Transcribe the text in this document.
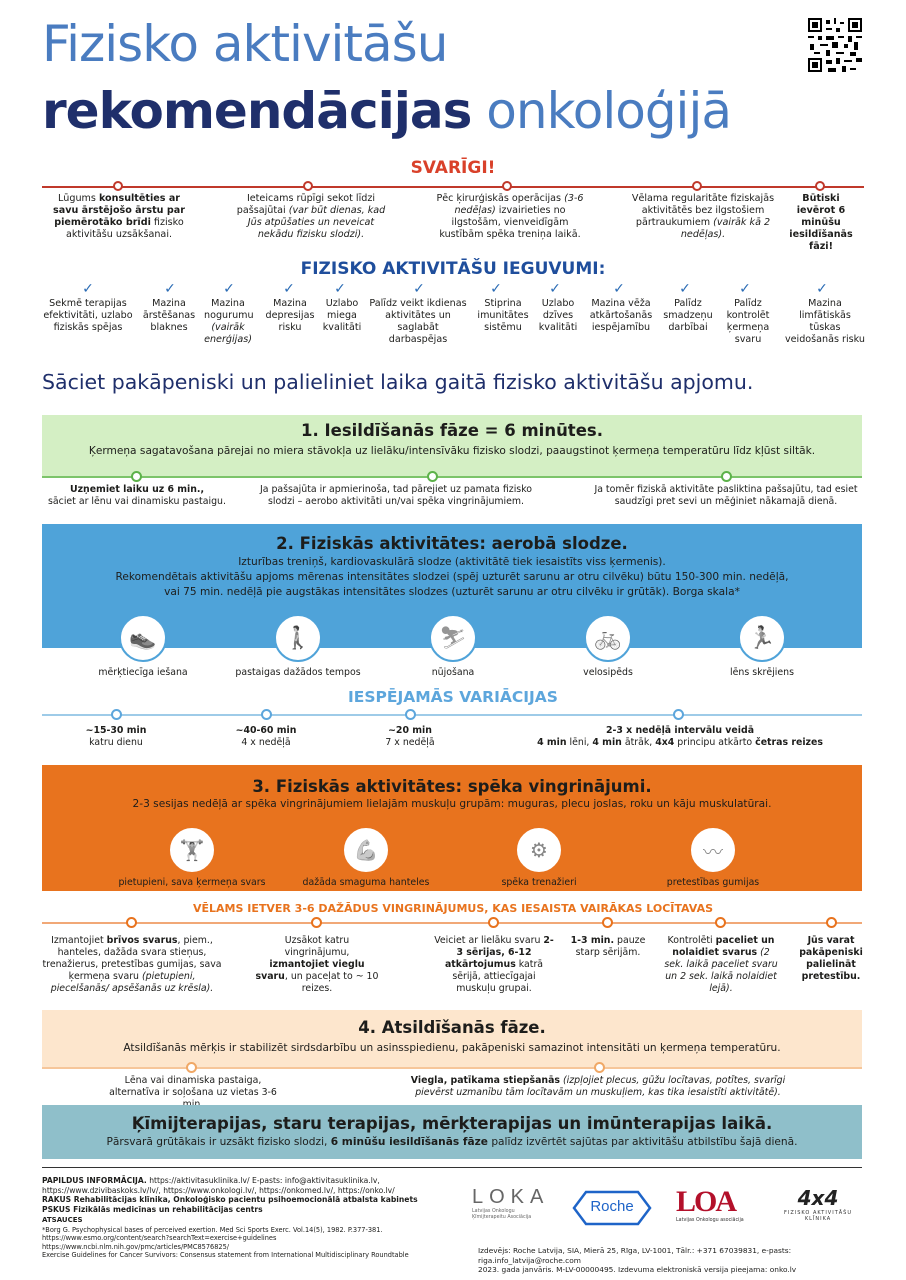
Fizisko aktivitāšu
rekomendācijas onkoloģijā
SVARĪGI!
Lūgums konsultēties ar savu ārstējošo ārstu par piemērotāko brīdi fizisko aktivitāšu uzsākšanai.
Ieteicams rūpīgi sekot līdzi pašsajūtai (var būt dienas, kad Jūs atpūšaties un neveicat nekādu fizisku slodzi).
Pēc ķirurģiskās operācijas (3-6 nedēļas) izvairieties no ilgstošām, vienveidīgām kustībām spēka treniņa laikā.
Vēlama regularitāte fiziskajās aktivitātēs bez ilgstošiem pārtraukumiem (vairāk kā 2 nedēļas).
Būtiski ievērot 6 minūšu iesildīšanās fāzi!
FIZISKO AKTIVITĀŠU IEGUVUMI:
✓
Sekmē terapijas efektivitāti, uzlabo fiziskās spējas
✓
Mazina ārstēšanas blaknes
✓
Mazina nogurumu
(vairāk enerģijas)
✓
Mazina depresijas risku
✓
Uzlabo miega kvalitāti
✓
Palīdz veikt ikdienas aktivitātes un saglabāt darbaspējas
✓
Stiprina imunitātes sistēmu
✓
Uzlabo dzīves kvalitāti
✓
Mazina vēža atkārtošanās iespējamību
✓
Palīdz smadzeņu darbībai
✓
Palīdz kontrolēt ķermeņa svaru
✓
Mazina limfātiskās tūskas veidošanās risku
Sāciet pakāpeniski un palieliniet laika gaitā fizisko aktivitāšu apjomu.
1. Iesildīšanās fāze = 6 minūtes.
Ķermeņa sagatavošana pārejai no miera stāvokļa uz lielāku/intensīvāku fizisko slodzi, paaugstinot ķermeņa temperatūru līdz kļūst siltāk.
Uzņemiet laiku uz 6 min.,
sāciet ar lēnu vai dinamisku pastaigu.
Ja pašsajūta ir apmierinoša, tad pārejiet uz pamata fizisko slodzi – aerobo aktivitāti un/vai spēka vingrinājumiem.
Ja tomēr fiziskā aktivitāte pasliktina pašsajūtu, tad esiet saudzīgi pret sevi un mēģiniet nākamajā dienā.
2. Fiziskās aktivitātes: aerobā slodze.
Izturības treniņš, kardiovaskulārā slodze (aktivitātē tiek iesaistīts viss ķermenis).
Rekomendētais aktivitāšu apjoms mērenas intensitātes slodzei (spēj uzturēt sarunu ar otru cilvēku) būtu 150-300 min. nedēļā,
vai 75 min. nedēļā pie augstākas intensitātes slodzes (uzturēt sarunu ar otru cilvēku ir grūtāk). Borga skala*
👟
mērķtiecīga iešana
🚶
pastaigas dažādos tempos
⛷
nūjošana
🚲
velosipēds
🏃
lēns skrējiens
IESPĒJAMĀS VARIĀCIJAS
~15-30 min
katru dienu
~40-60 min
4 x nedēļā
~20 min
7 x nedēļā
2-3 x nedēļā intervālu veidā
4 min lēni, 4 min ātrāk, 4x4 principu atkārto četras reizes
3. Fiziskās aktivitātes: spēka vingrinājumi.
2-3 sesijas nedēļā ar spēka vingrinājumiem lielajām muskuļu grupām: muguras, plecu joslas, roku un kāju muskulatūrai.
🏋
pietupieni, sava ķermeņa svars
💪
dažāda smaguma hanteles
⚙
spēka trenažieri
〰
pretestības gumijas
VĒLAMS IETVER 3-6 DAŽĀDUS VINGRINĀJUMUS, KAS IESAISTA VAIRĀKAS LOCĪTAVAS
Izmantojiet brīvos svarus, piem., hanteles, dažāda svara stieņus, trenažierus, pretestības gumijas, sava ķermeņa svaru (pietupieni, piecelšanās/ apsēšanās uz krēsla).
Uzsākot katru vingrinājumu, izmantojiet vieglu svaru, un paceļat to ~ 10 reizes.
Veiciet ar lielāku svaru 2-3 sērijas, 6-12 atkārtojumus katrā sērijā, attiecīgajai muskuļu grupai.
1-3 min. pauze starp sērijām.
Kontrolēti paceliet un nolaidiet svarus (2 sek. laikā paceliet svaru un 2 sek. laikā nolaidiet lejā).
Jūs varat pakāpeniski palielināt pretestību.
4. Atsildīšanās fāze.
Atsildīšanās mērķis ir stabilizēt sirdsdarbību un asinsspiedienu, pakāpeniski samazinot intensitāti un ķermeņa temperatūru.
Lēna vai dinamiska pastaiga, alternatīva ir soļošana uz vietas 3-6
Viegla, patīkama stiepšanās (izpļojiet plecus, gūžu locītavas, potītes, svarīgi pievērst uzmanību tām locītavām un muskuļiem, kas tika iesaistīti aktivitātē).
Ķīmijterapijas, staru terapijas, mērķterapijas un imūnterapijas laikā.
Pārsvarā grūtākais ir uzsākt fizisko slodzi, 6 minūšu iesildīšanās fāze palīdz izvērtēt sajūtas par aktivitāšu atbilstību šajā dienā.
PAPILDUS INFORMĀCIJA. https://aktivitasuklinika.lv/ E-pasts: info@aktivitasuklinika.lv,
https://www.dzivibaskoks.lv/lv/, https://www.onkologi.lv/, https://onkomed.lv/, https://onko.lv/
RAKUS Rehabilitācijas klīnika, Onkoloģisko pacientu psihoemocionālā atbalsta kabinets
PSKUS Fizikālās medicīnas un rehabilitācijas centrs
ATSAUCES
*Borg G. Psychophysical bases of perceived exertion. Med Sci Sports Exerc. Vol.14(5), 1982. P.377-381.
https://www.esmo.org/content/search?searchText=exercise+guidelines
https://www.ncbi.nlm.nih.gov/pmc/articles/PMC8576825/
Exercise Guidelines for Cancer Survivors: Consensus statement from International Multidisciplinary Roundtable
LOKA
Latvijas Onkologu Ķīmijterapeitu Asociācija
Roche	LOA
Latvijas Onkologu asociācija
4x4
FIZISKO AKTIVITĀŠU KLĪNIKA
Izdevējs: Roche Latvija, SIA, Mierā 25, Rīga, LV-1001, Tālr.: +371 67039831, e-pasts: riga.info_latvija@roche.com
2023. gada janvāris. M-LV-00000495. Izdevuma elektroniskā versija pieejama: onko.lv
